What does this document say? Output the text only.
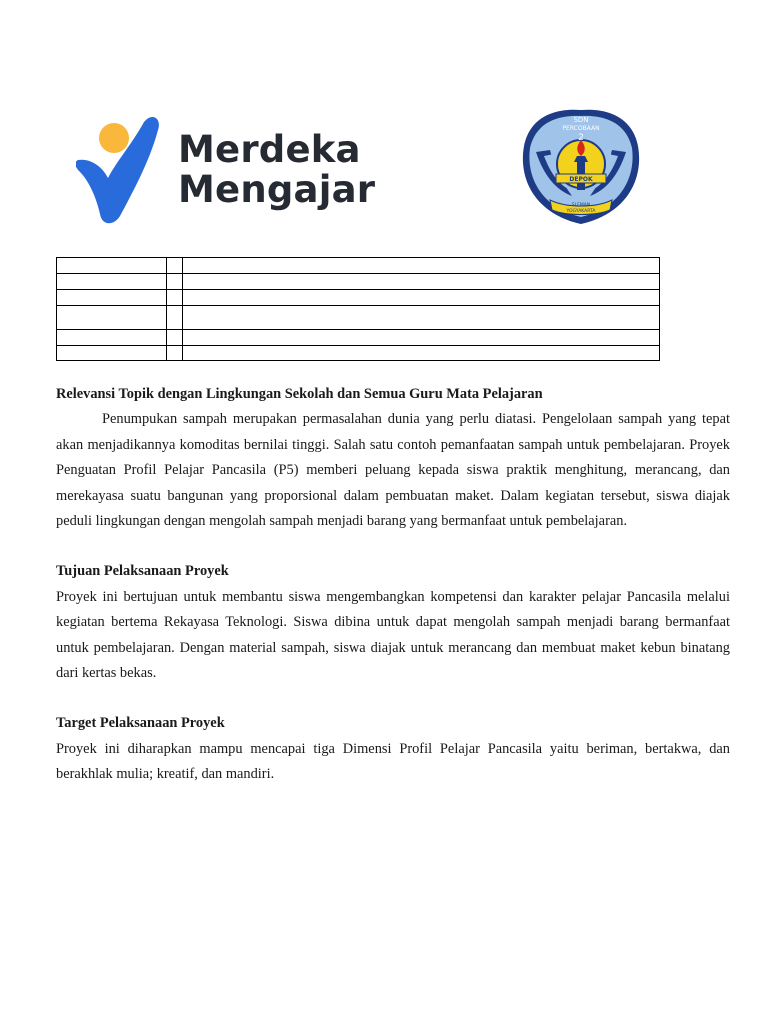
Merdeka
Mengajar
SDN
PERCOBAAN
2
DEPOK
SLEMAN
YOGYAKARTA

Relevansi Topik dengan Lingkungan Sekolah dan Semua Guru Mata Pelajaran

Penumpukan sampah merupakan permasalahan dunia yang perlu diatasi. Pengelolaan sampah yang tepat akan menjadikannya komoditas bernilai tinggi. Salah satu contoh pemanfaatan sampah untuk pembelajaran. Proyek Penguatan Profil Pelajar Pancasila (P5) memberi peluang kepada siswa praktik menghitung, merancang, dan merekayasa suatu bangunan yang proporsional dalam pembuatan maket. Dalam kegiatan tersebut, siswa diajak peduli lingkungan dengan mengolah sampah menjadi barang yang bermanfaat untuk pembelajaran.

Tujuan Pelaksanaan Proyek

Proyek ini bertujuan untuk membantu siswa mengembangkan kompetensi dan karakter pelajar Pancasila melalui kegiatan bertema Rekayasa Teknologi. Siswa dibina untuk dapat mengolah sampah menjadi barang bermanfaat untuk pembelajaran. Dengan material sampah, siswa diajak untuk merancang dan membuat maket kebun binatang dari kertas bekas.

Target Pelaksanaan Proyek

Proyek ini diharapkan mampu mencapai tiga Dimensi Profil Pelajar Pancasila yaitu beriman, bertakwa, dan berakhlak mulia; kreatif, dan mandiri.
